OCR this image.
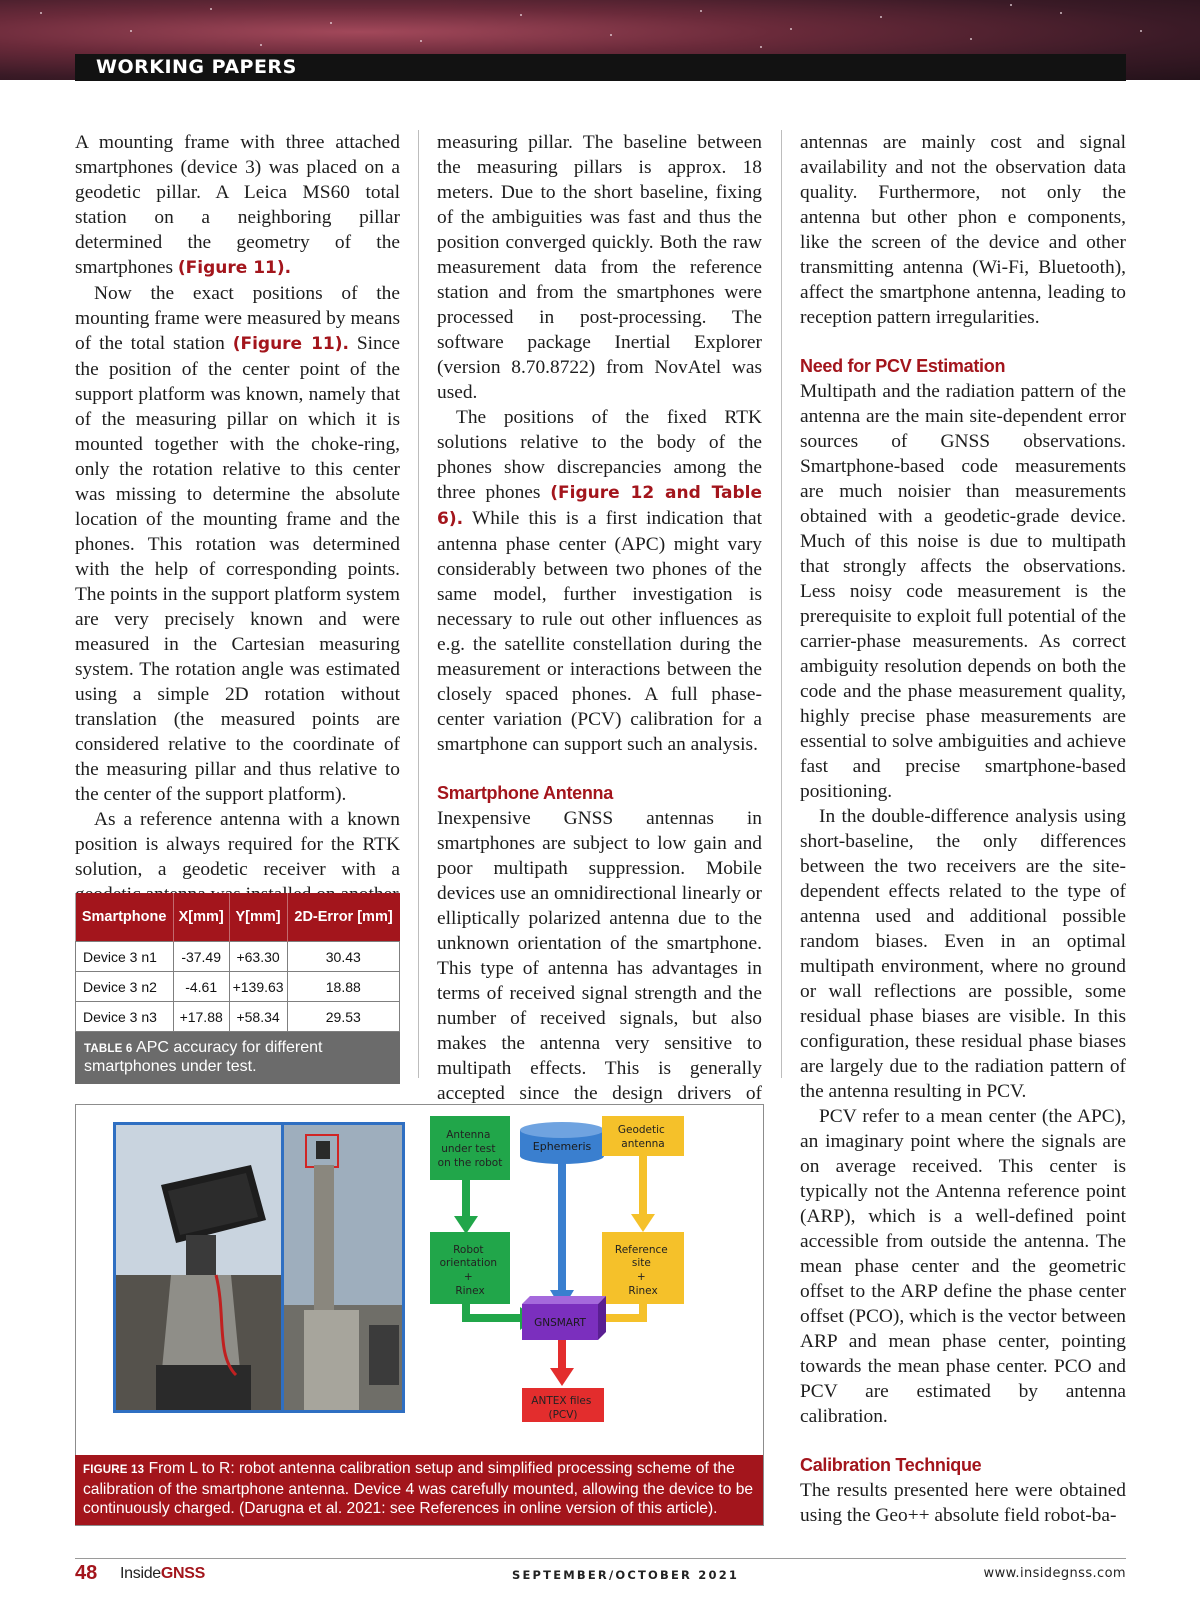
WORKING PAPERS

A mounting frame with three attached smartphones (device 3) was placed on a geodetic pillar. A Leica MS60 total station on a neighboring pillar determined the geometry of the smartphones (Figure 11).

Now the exact positions of the mounting frame were measured by means of the total station (Figure 11). Since the position of the center point of the support platform was known, namely that of the measuring pillar on which it is mounted together with the choke-ring, only the rotation relative to this center was missing to determine the absolute location of the mounting frame and the phones. This rotation was determined with the help of corresponding points. The points in the support platform system are very precisely known and were measured in the Cartesian measuring system. The rotation angle was estimated using a simple 2D rotation without translation (the measured points are considered relative to the coordinate of the measuring pillar and thus relative to the center of the support platform).

As a reference antenna with a known position is always required for the RTK solution, a geodetic receiver with a

Smartphone	X[mm]	Y[mm]	2D-Error [mm]
Device 3 n1	-37.49	+63.30	30.43
Device 3 n2	-4.61	+139.63	18.88
Device 3 n3	+17.88	+58.34	29.53
TABLE 6 APC accuracy for different smartphones under test.

measuring pillar. The baseline between the measuring pillars is approx. 18 meters. Due to the short baseline, fixing of the ambiguities was fast and thus the position converged quickly. Both the raw measurement data from the reference station and from the smartphones were processed in post-processing. The software package Inertial Explorer (version 8.70.8722) from NovAtel was used.

The positions of the fixed RTK solutions relative to the body of the phones show discrepancies among the three phones (Figure 12 and Table 6). While this is a first indication that antenna phase center (APC) might vary considerably between two phones of the same model, further investigation is necessary to rule out other influences as e.g. the satellite constellation during the measurement or interactions between the closely spaced phones. A full phase-center variation (PCV) calibration for a smartphone can support such an analysis.

Smartphone Antenna

Inexpensive GNSS antennas in smartphones are subject to low gain and poor multipath suppression. Mobile devices use an omnidirectional linearly or elliptically polarized antenna due to the unknown orientation of the smartphone. This type of antenna has advantages in terms of received signal strength and the number of received signals, but also makes the antenna very sensitive to multipath effects. This is generally accepted since the design drivers of

antennas are mainly cost and signal availability and not the observation data quality. Furthermore, not only the antenna but other phon e components, like the screen of the device and other transmitting antenna (Wi-Fi, Bluetooth), affect the smartphone antenna, leading to reception pattern irregularities.

Need for PCV Estimation

Multipath and the radiation pattern of the antenna are the main site-dependent error sources of GNSS observations. Smartphone-based code measurements are much noisier than measurements obtained with a geodetic-grade device. Much of this noise is due to multipath that strongly affects the observations. Less noisy code measurement is the prerequisite to exploit full potential of the carrier-phase measurements. As correct ambiguity resolution depends on both the code and the phase measurement quality, highly precise phase measurements are essential to solve ambiguities and achieve fast and precise smartphone-based positioning.

In the double-difference analysis using short-baseline, the only differences between the two receivers are the site-dependent effects related to the type of antenna used and additional possible random biases. Even in an optimal multipath environment, where no ground or wall reflections are possible, some residual phase biases are visible. In this configuration, these residual phase biases are largely due to the radiation pattern of the antenna resulting in PCV.

PCV refer to a mean center (the APC), an imaginary point where the signals are on average received. This center is typically not the Antenna reference point (ARP), which is a well-defined point accessible from outside the antenna. The mean phase center and the geometric offset to the ARP define the phase center offset (PCO), which is the vector between ARP and mean phase center, pointing towards the mean phase center. PCO and PCV are estimated by antenna calibration.

Calibration Technique

The results presented here were obtained using the Geo++ absolute field robot-ba-

Antenna under test on the robot
Ephemeris
Geodetic antenna
Robot orientation + Rinex
Reference site + Rinex
GNSMART
ANTEX files (PCV)
FIGURE 13 From L to R: robot antenna calibration setup and simplified processing scheme of the calibration of the smartphone antenna. Device 4 was carefully mounted, allowing the device to be continuously charged. (Darugna et al. 2021: see References in online version of this article).
48 InsideGNSS	SEPTEMBER/OCTOBER 2021	www.insidegnss.com
